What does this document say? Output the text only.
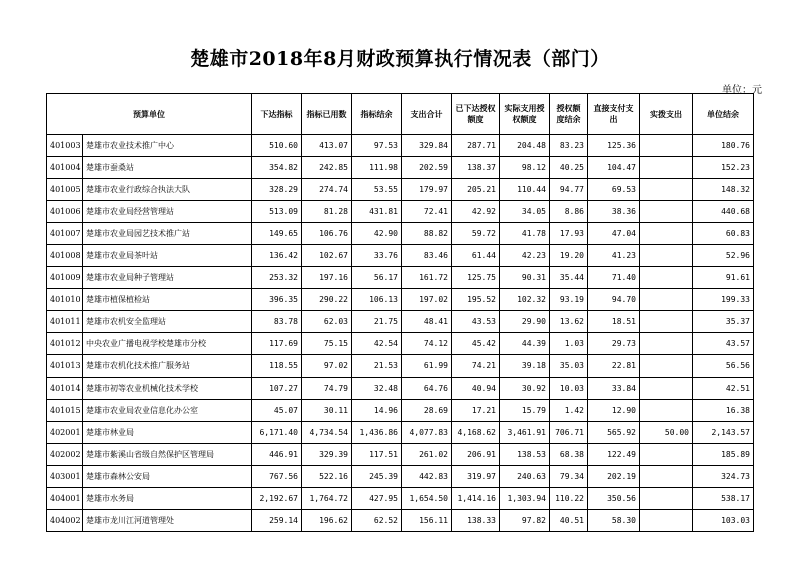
楚雄市2018年8月财政预算执行情况表（部门）
单位：元
预算单位		下达指标	指标已用数	指标结余	支出合计	已下达授权额度	实际支用授权额度	授权额度结余	直接支付支出	实拨支出	单位结余
401003	楚雄市农业技术推广中心	510.60	413.07	97.53	329.84	287.71	204.48	83.23	125.36		180.76
401004	楚雄市蚕桑站	354.82	242.85	111.98	202.59	138.37	98.12	40.25	104.47		152.23
401005	楚雄市农业行政综合执法大队	328.29	274.74	53.55	179.97	205.21	110.44	94.77	69.53		148.32
401006	楚雄市农业局经营管理站	513.09	81.28	431.81	72.41	42.92	34.05	8.86	38.36		440.68
401007	楚雄市农业局园艺技术推广站	149.65	106.76	42.90	88.82	59.72	41.78	17.93	47.04		60.83
401008	楚雄市农业局茶叶站	136.42	102.67	33.76	83.46	61.44	42.23	19.20	41.23		52.96
401009	楚雄市农业局种子管理站	253.32	197.16	56.17	161.72	125.75	90.31	35.44	71.40		91.61
401010	楚雄市植保植检站	396.35	290.22	106.13	197.02	195.52	102.32	93.19	94.70		199.33
401011	楚雄市农机安全监理站	83.78	62.03	21.75	48.41	43.53	29.90	13.62	18.51		35.37
401012	中央农业广播电视学校楚雄市分校	117.69	75.15	42.54	74.12	45.42	44.39	1.03	29.73		43.57
401013	楚雄市农机化技术推广服务站	118.55	97.02	21.53	61.99	74.21	39.18	35.03	22.81		56.56
401014	楚雄市初等农业机械化技术学校	107.27	74.79	32.48	64.76	40.94	30.92	10.03	33.84		42.51
401015	楚雄市农业局农业信息化办公室	45.07	30.11	14.96	28.69	17.21	15.79	1.42	12.90		16.38
402001	楚雄市林业局	6,171.40	4,734.54	1,436.86	4,077.83	4,168.62	3,461.91	706.71	565.92	50.00	2,143.57
402002	楚雄市紫溪山省级自然保护区管理局	446.91	329.39	117.51	261.02	206.91	138.53	68.38	122.49		185.89
403001	楚雄市森林公安局	767.56	522.16	245.39	442.83	319.97	240.63	79.34	202.19		324.73
404001	楚雄市水务局	2,192.67	1,764.72	427.95	1,654.50	1,414.16	1,303.94	110.22	350.56		538.17
404002	楚雄市龙川江河道管理处	259.14	196.62	62.52	156.11	138.33	97.82	40.51	58.30		103.03
